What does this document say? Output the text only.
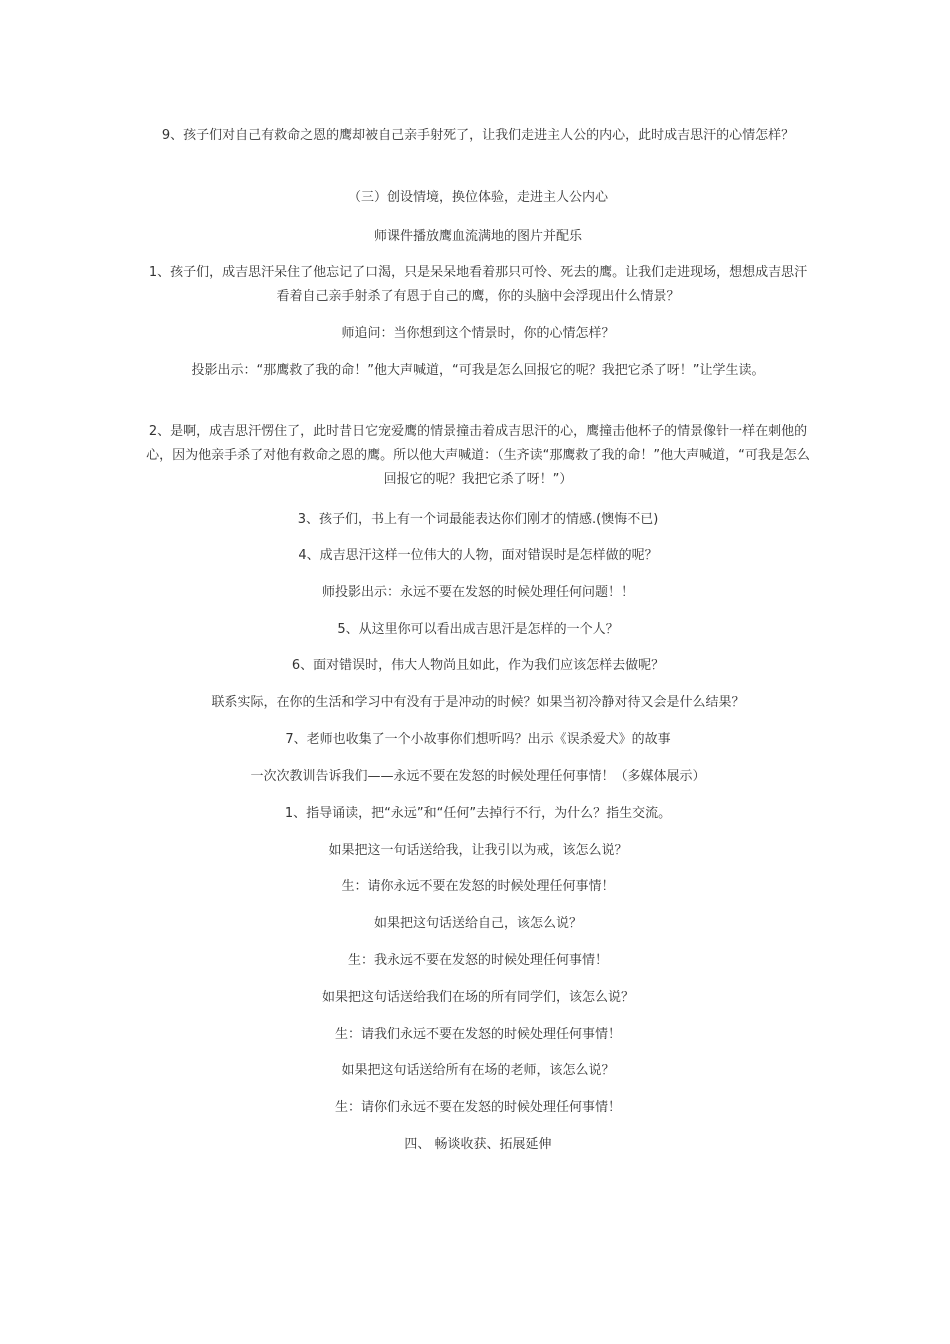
9、孩子们对自己有救命之恩的鹰却被自己亲手射死了，让我们走进主人公的内心，此时成吉思汗的心情怎样？

（三）创设情境，换位体验，走进主人公内心

师课件播放鹰血流满地的图片并配乐

1、孩子们，成吉思汗呆住了他忘记了口渴，只是呆呆地看着那只可怜、死去的鹰。让我们走进现场，想想成吉思汗看着自己亲手射杀了有恩于自己的鹰，你的头脑中会浮现出什么情景？

师追问：当你想到这个情景时，你的心情怎样？

投影出示：“那鹰救了我的命！”他大声喊道，“可我是怎么回报它的呢？我把它杀了呀！”让学生读。

2、是啊，成吉思汗愣住了，此时昔日它宠爱鹰的情景撞击着成吉思汗的心，鹰撞击他杯子的情景像针一样在刺他的心，因为他亲手杀了对他有救命之恩的鹰。所以他大声喊道：（生齐读“那鹰救了我的命！”他大声喊道，“可我是怎么回报它的呢？我把它杀了呀！”）

3、孩子们，书上有一个词最能表达你们刚才的情感.(懊悔不已)

4、成吉思汗这样一位伟大的人物，面对错误时是怎样做的呢？

师投影出示：永远不要在发怒的时候处理任何问题！！

5、从这里你可以看出成吉思汗是怎样的一个人？

6、面对错误时，伟大人物尚且如此，作为我们应该怎样去做呢？

联系实际，在你的生活和学习中有没有于是冲动的时候？如果当初冷静对待又会是什么结果？

7、老师也收集了一个小故事你们想听吗？出示《误杀爱犬》的故事

一次次教训告诉我们——永远不要在发怒的时候处理任何事情！（多媒体展示）

1、指导诵读，把“永远”和“任何”去掉行不行，为什么？指生交流。

如果把这一句话送给我，让我引以为戒，该怎么说？

生：请你永远不要在发怒的时候处理任何事情！

如果把这句话送给自己，该怎么说？

生：我永远不要在发怒的时候处理任何事情！

如果把这句话送给我们在场的所有同学们，该怎么说？

生：请我们永远不要在发怒的时候处理任何事情！

如果把这句话送给所有在场的老师，该怎么说？

生：请你们永远不要在发怒的时候处理任何事情！

四、 畅谈收获、拓展延伸
